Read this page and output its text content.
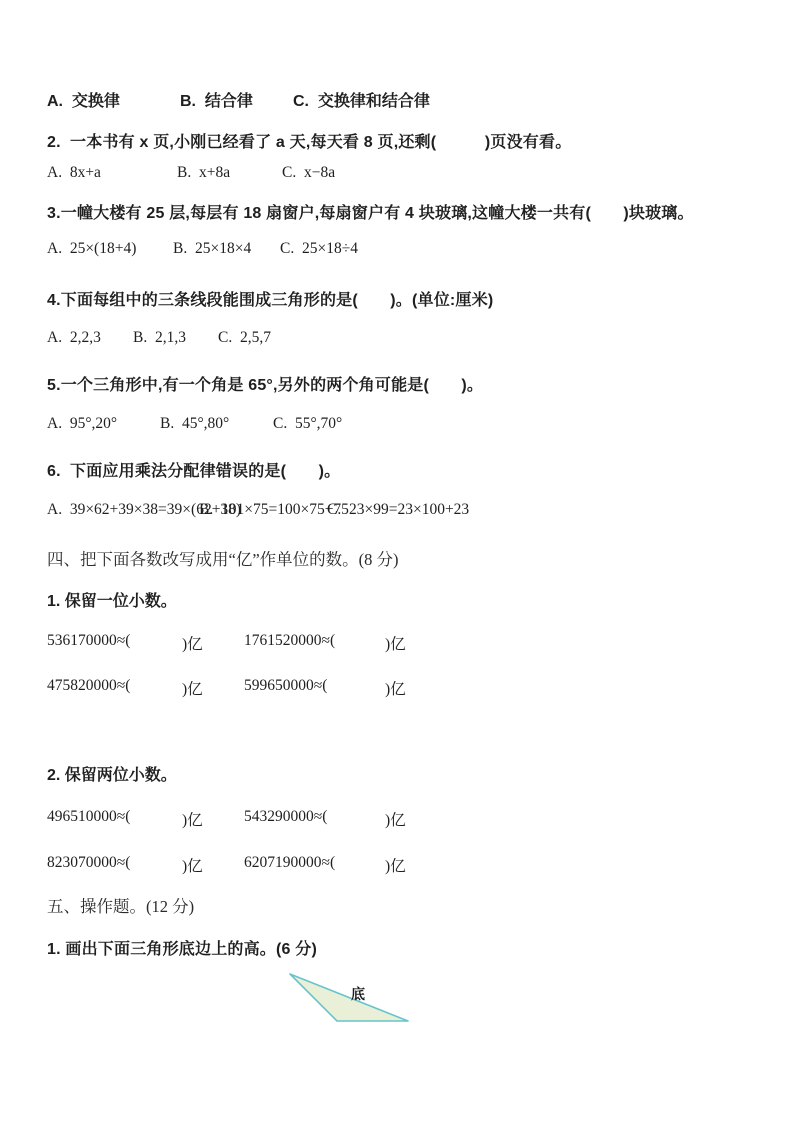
A.  交换律	B.  结合律	C.  交换律和结合律
2.  一本书有 x 页,小刚已经看了 a 天,每天看 8 页,还剩(　　　)页没有看。
A.  8x+a	B.  x+8a	C.  x−8a
3.一幢大楼有 25 层,每层有 18 扇窗户,每扇窗户有 4 块玻璃,这幢大楼一共有(　　)块玻璃。
A.  25×(18+4) B.  25×18×4 C.  25×18÷4
4.下面每组中的三条线段能围成三角形的是(　　)。(单位:厘米)
A.  2,2,3 B.  2,1,3 C.  2,5,7
5.一个三角形中,有一个角是 65°,另外的两个角可能是(　　)。
A.  95°,20°	B.  45°,80°	C.  55°,70°
6.  下面应用乘法分配律错误的是(　　)。
A.  39×62+39×38=39×(62+38)
B.  101×75=100×75+75
C.  23×99=23×100+23
四、把下面各数改写成用“亿”作单位的数。(8 分)
1. 保留一位小数。
536170000≈(	)亿	1761520000≈(	)亿
475820000≈(	)亿	599650000≈(	)亿
2. 保留两位小数。
496510000≈(	)亿	543290000≈(	)亿
823070000≈(	)亿	6207190000≈(	)亿
五、操作题。(12 分)
1. 画出下面三角形底边上的高。(6 分)
底
